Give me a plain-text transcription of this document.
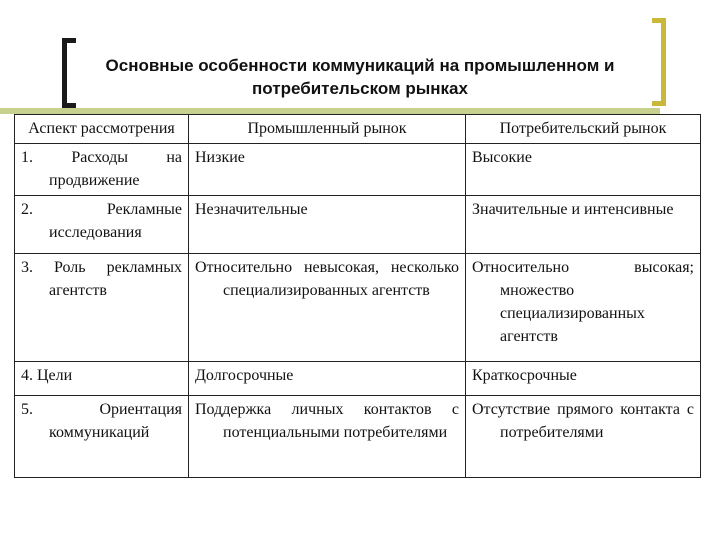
Основные особенности коммуникаций на промышленном и
потребительском рынках
Аспект рассмотрения	Промышленный рынок	Потребительский рынок
1. Расходы на продвижение	Низкие	Высокие
2. Рекламные исследования	Незначительные	Значительные и интенсивные
3. Роль рекламных агентств	Относительно невысокая, несколько специализированных агентств	Относительно высокая; множество специализированных агентств
4. Цели	Долгосрочные	Краткосрочные
5. Ориентация коммуникаций	Поддержка личных контактов с потенциальными потребителями	Отсутствие прямого контакта с потребителями
